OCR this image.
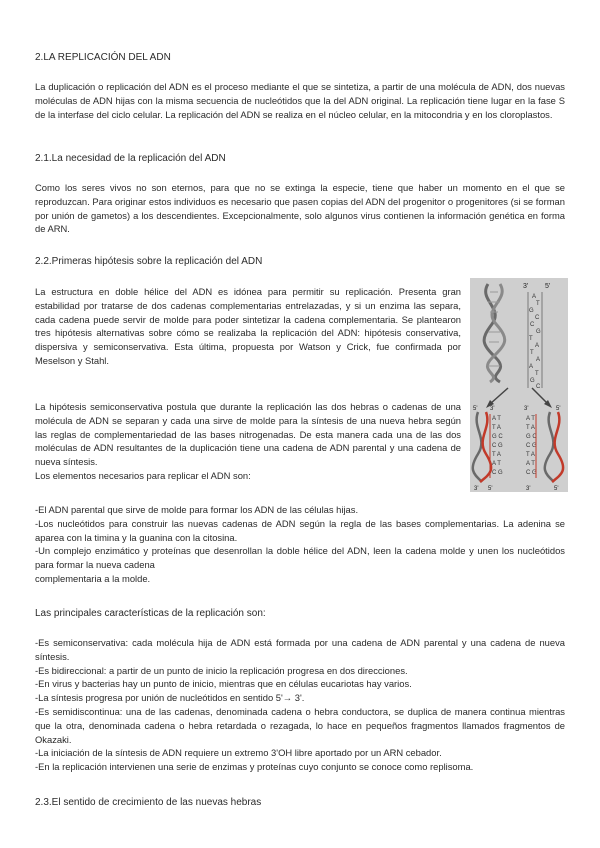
2.LA REPLICACIÓN DEL ADN
La duplicación o replicación del ADN es el proceso mediante el que se sintetiza, a partir de una molécula de ADN, dos nuevas moléculas de ADN hijas con la misma secuencia de nucleótidos que la del ADN original. La replicación tiene lugar en la fase S de la interfase del ciclo celular. La replicación del ADN se realiza en el núcleo celular, en la mitocondria y en los cloroplastos.
2.1.La necesidad de la replicación del ADN
Como los seres vivos no son eternos, para que no se extinga la especie, tiene que haber un momento en el que se reproduzcan. Para originar estos individuos es necesario que pasen copias del ADN del progenitor o progenitores (si se forman por unión de gametos) a los descendientes. Excepcionalmente, solo algunos virus contienen la información genética en forma de ARN.
2.2.Primeras hipótesis sobre la replicación del ADN
La estructura en doble hélice del ADN es idónea para permitir su replicación. Presenta gran estabilidad por tratarse de dos cadenas complementarias entrelazadas, y si un enzima las separa, cada cadena puede servir de molde para poder sintetizar la cadena complementaria. Se plantearon tres hipótesis alternativas sobre cómo se realizaba la replicación del ADN: hipótesis conservativa, dispersiva y semiconservativa. Esta última, propuesta por Watson y Crick, fue confirmada por Meselson y Stahl.
La hipótesis semiconservativa postula que durante la replicación las dos hebras o cadenas de una molécula de ADN se separan y cada una sirve de molde para la síntesis de una nueva hebra según las reglas de complementariedad de las bases nitrogenadas. De esta manera cada una de las dos moléculas de ADN resultantes de la duplicación tiene una cadena de ADN parental y una cadena de nueva síntesis.
Los elementos necesarios para replicar el ADN son:
-El ADN parental que sirve de molde para formar los ADN de las células hijas.
-Los nucleótidos para construir las nuevas cadenas de ADN según la regla de las bases complementarias. La adenina se aparea con la timina y la guanina con la citosina.
-Un complejo enzimático y proteínas que desenrollan la doble hélice del ADN, leen la cadena molde y unen los nucleótidos para formar la nueva cadena
complementaria a la molde.
Las principales características de la replicación son:
-Es semiconservativa: cada molécula hija de ADN está formada por una cadena de ADN parental y una cadena de nueva síntesis.
-Es bidireccional: a partir de un punto de inicio la replicación progresa en dos direcciones.
-En virus y bacterias hay un punto de inicio, mientras que en células eucariotas hay varios.
-La síntesis progresa por unión de nucleótidos en sentido 5'→ 3'.
-Es semidiscontinua: una de las cadenas, denominada cadena o hebra conductora, se duplica de manera continua mientras que la otra, denominada cadena o hebra retardada o rezagada, lo hace en pequeños fragmentos llamados fragmentos de Okazaki.
-La iniciación de la síntesis de ADN requiere un extremo 3'OH libre aportado por un ARN cebador.
-En la replicación intervienen una serie de enzimas y proteínas cuyo conjunto se conoce como replisoma.
2.3.El sentido de crecimiento de las nuevas hebras
3' 5'
A
T
G
C
C
G
T
A
T
A
A
T
G
C
5' 3'
A T
T A
G C
C G
T A
A T
C G
3'	5'
A T
T A
G C
C G
T A
A T
C G
3' 5'	3'	5'
